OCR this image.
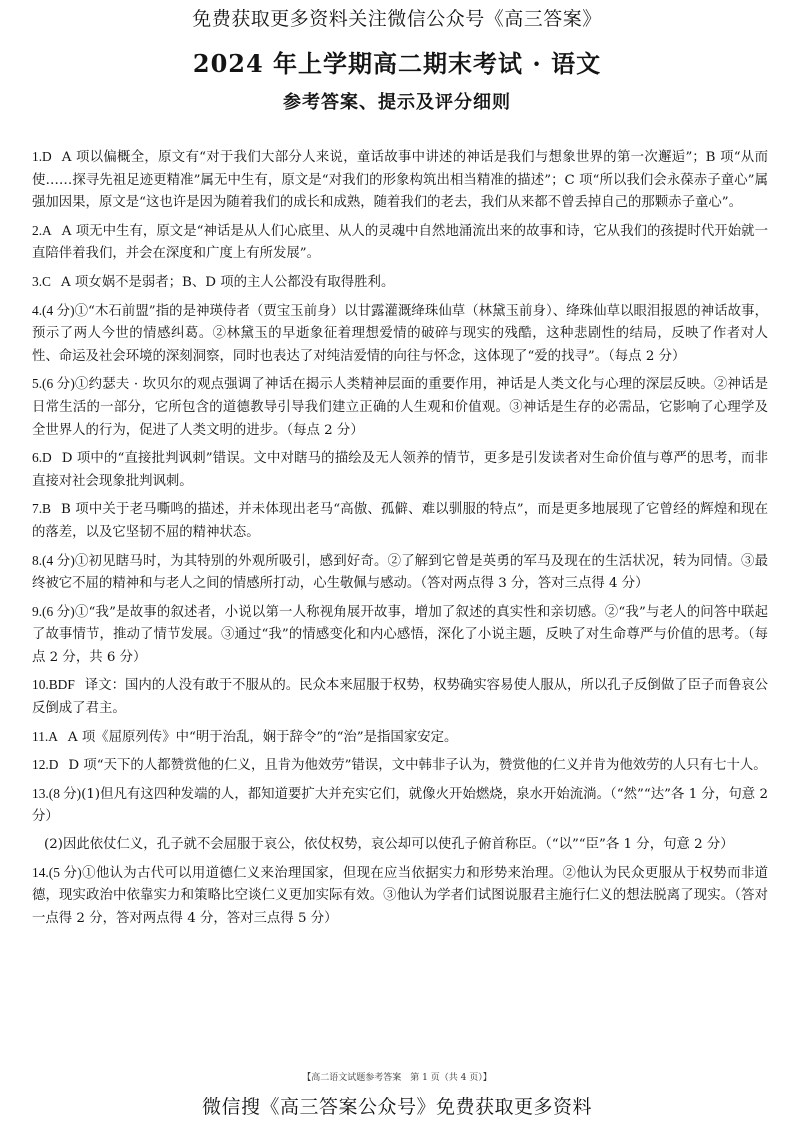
免费获取更多资料关注微信公众号《高三答案》
2024 年上学期高二期末考试 · 语文
参考答案、提示及评分细则

1.D A 项以偏概全，原文有“对于我们大部分人来说，童话故事中讲述的神话是我们与想象世界的第一次邂逅”；B 项“从而使……探寻先祖足迹更精准”属无中生有，原文是“对我们的形象构筑出相当精准的描述”；C 项“所以我们会永葆赤子童心”属强加因果，原文是“这也许是因为随着我们的成长和成熟，随着我们的老去，我们从来都不曾丢掉自己的那颗赤子童心”。

2.A A 项无中生有，原文是“神话是从人们心底里、从人的灵魂中自然地涌流出来的故事和诗，它从我们的孩提时代开始就一直陪伴着我们，并会在深度和广度上有所发展”。

3.C A 项女娲不是弱者；B、D 项的主人公都没有取得胜利。

4.(4 分)①“木石前盟”指的是神瑛侍者（贾宝玉前身）以甘露灌溉绛珠仙草（林黛玉前身）、绛珠仙草以眼泪报恩的神话故事，预示了两人今世的情感纠葛。②林黛玉的早逝象征着理想爱情的破碎与现实的残酷，这种悲剧性的结局，反映了作者对人性、命运及社会环境的深刻洞察，同时也表达了对纯洁爱情的向往与怀念，这体现了“爱的找寻”。（每点 2 分）

5.(6 分)①约瑟夫 · 坎贝尔的观点强调了神话在揭示人类精神层面的重要作用，神话是人类文化与心理的深层反映。②神话是日常生活的一部分，它所包含的道德教导引导我们建立正确的人生观和价值观。③神话是生存的必需品，它影响了心理学及全世界人的行为，促进了人类文明的进步。（每点 2 分）

6.D D 项中的“直接批判讽刺”错误。文中对瞎马的描绘及无人领养的情节，更多是引发读者对生命价值与尊严的思考，而非直接对社会现象批判讽刺。

7.B B 项中关于老马嘶鸣的描述，并未体现出老马“高傲、孤僻、难以驯服的特点”，而是更多地展现了它曾经的辉煌和现在的落差，以及它坚韧不屈的精神状态。

8.(4 分)①初见瞎马时，为其特别的外观所吸引，感到好奇。②了解到它曾是英勇的军马及现在的生活状况，转为同情。③最终被它不屈的精神和与老人之间的情感所打动，心生敬佩与感动。（答对两点得 3 分，答对三点得 4 分）

9.(6 分)①“我”是故事的叙述者，小说以第一人称视角展开故事，增加了叙述的真实性和亲切感。②“我”与老人的问答中联起了故事情节，推动了情节发展。③通过“我”的情感变化和内心感悟，深化了小说主题，反映了对生命尊严与价值的思考。（每点 2 分，共 6 分）

10.BDF 译文：国内的人没有敢于不服从的。民众本来屈服于权势，权势确实容易使人服从，所以孔子反倒做了臣子而鲁哀公反倒成了君主。

11.A A 项《屈原列传》中“明于治乱，娴于辞令”的“治”是指国家安定。

12.D D 项“天下的人都赞赏他的仁义，且肯为他效劳”错误，文中韩非子认为，赞赏他的仁义并肯为他效劳的人只有七十人。

13.(8 分)(1)但凡有这四种发端的人，都知道要扩大并充实它们，就像火开始燃烧，泉水开始流淌。（“然”“达”各 1 分，句意 2 分）

(2)因此依仗仁义，孔子就不会屈服于哀公，依仗权势，哀公却可以使孔子俯首称臣。（“以”“臣”各 1 分，句意 2 分）

14.(5 分)①他认为古代可以用道德仁义来治理国家，但现在应当依据实力和形势来治理。②他认为民众更服从于权势而非道德，现实政治中依靠实力和策略比空谈仁义更加实际有效。③他认为学者们试图说服君主施行仁义的想法脱离了现实。（答对一点得 2 分，答对两点得 4 分，答对三点得 5 分）

【高二语文试题参考答案　第 1 页（共 4 页）】
微信搜《高三答案公众号》免费获取更多资料
